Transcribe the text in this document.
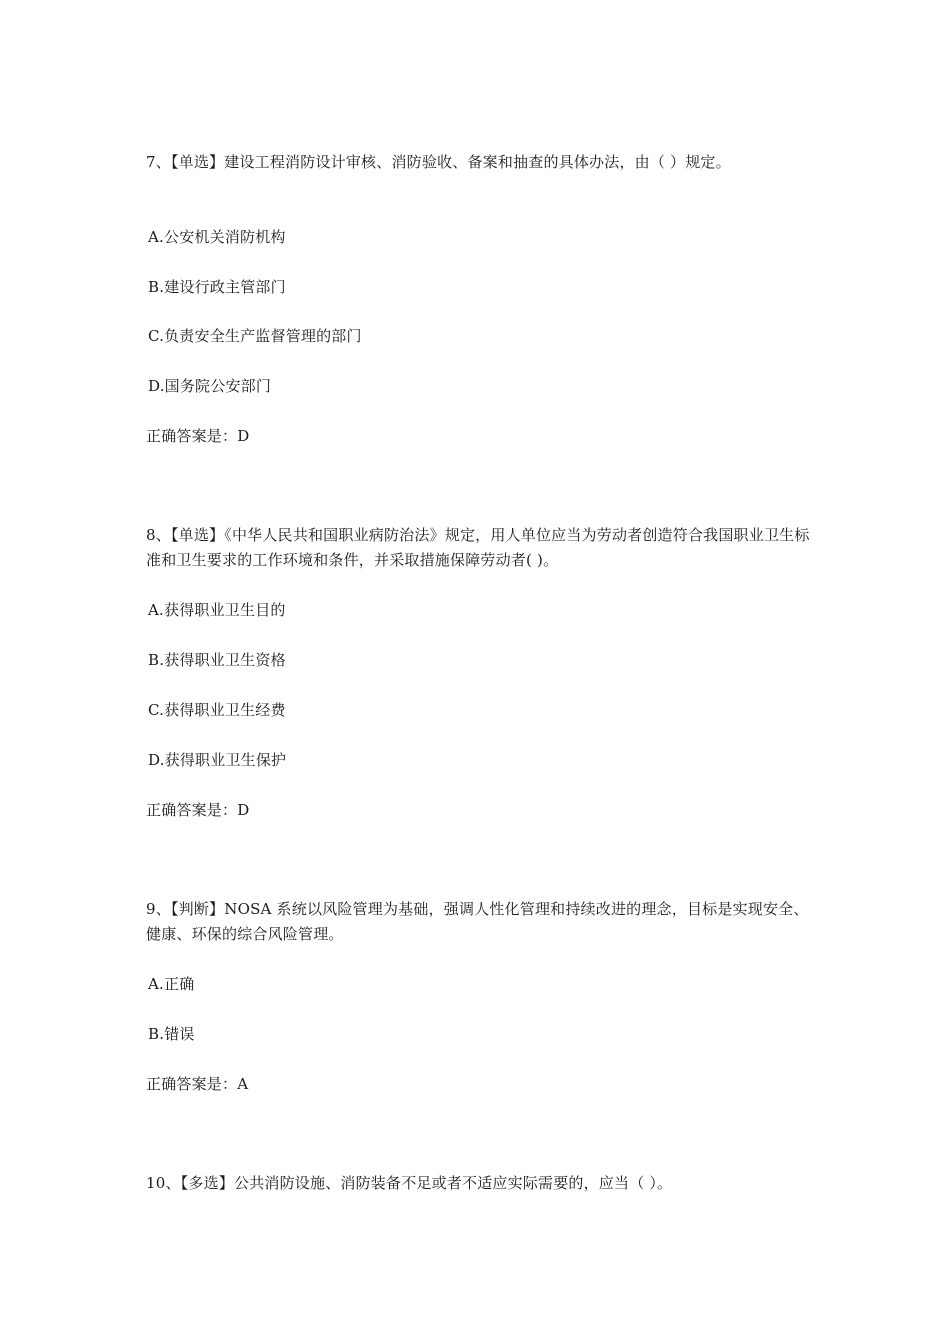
7、【单选】建设工程消防设计审核、消防验收、备案和抽查的具体办法，由（ ）规定。
A.公安机关消防机构
B.建设行政主管部门
C.负责安全生产监督管理的部门
D.国务院公安部门
正确答案是：D
8、【单选】《中华人民共和国职业病防治法》规定，用人单位应当为劳动者创造符合我国职业卫生标准和卫生要求的工作环境和条件，并采取措施保障劳动者( )。
A.获得职业卫生目的
B.获得职业卫生资格
C.获得职业卫生经费
D.获得职业卫生保护
正确答案是：D
9、【判断】NOSA 系统以风险管理为基础，强调人性化管理和持续改进的理念，目标是实现安全、健康、环保的综合风险管理。
A.正确
B.错误
正确答案是：A
10、【多选】公共消防设施、消防装备不足或者不适应实际需要的，应当（ ）。
